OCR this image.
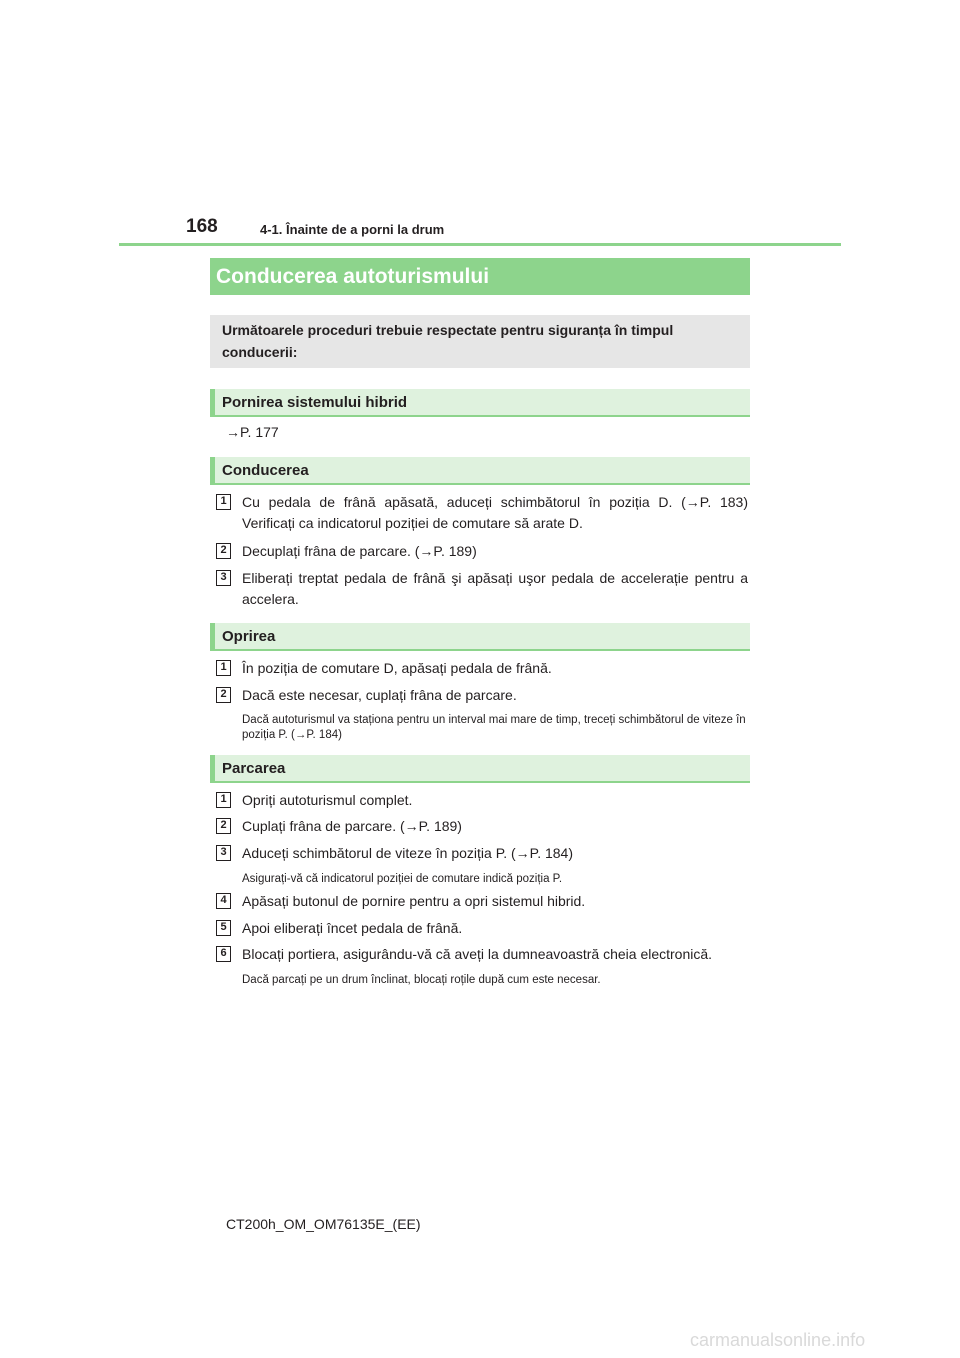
168	4-1. Înainte de a porni la drum
Conducerea autoturismului
Următoarele proceduri trebuie respectate pentru siguranța în timpul conducerii:
Pornirea sistemului hibrid
→P. 177
Conducerea
1	Cu pedala de frână apăsată, aduceți schimbătorul în poziția D. (→P. 183) Verificați ca indicatorul poziției de comutare să arate D.
2	Decuplați frâna de parcare. (→P. 189)
3	Eliberați treptat pedala de frână şi apăsați uşor pedala de accelerație pentru a accelera.
Oprirea
1	În poziția de comutare D, apăsați pedala de frână.
2	Dacă este necesar, cuplați frâna de parcare.
Dacă autoturismul va staționa pentru un interval mai mare de timp, treceți schimbătorul de viteze în poziția P. (→P. 184)
Parcarea
1	Opriți autoturismul complet.
2	Cuplați frâna de parcare. (→P. 189)
3	Aduceți schimbătorul de viteze în poziția P. (→P. 184)
Asigurați-vă că indicatorul poziției de comutare indică poziția P.
4	Apăsați butonul de pornire pentru a opri sistemul hibrid.
5	Apoi eliberați încet pedala de frână.
6	Blocați portiera, asigurându-vă că aveți la dumneavoastră cheia electronică.
Dacă parcați pe un drum înclinat, blocați roțile după cum este necesar.
CT200h_OM_OM76135E_(EE)
carmanualsonline.info
